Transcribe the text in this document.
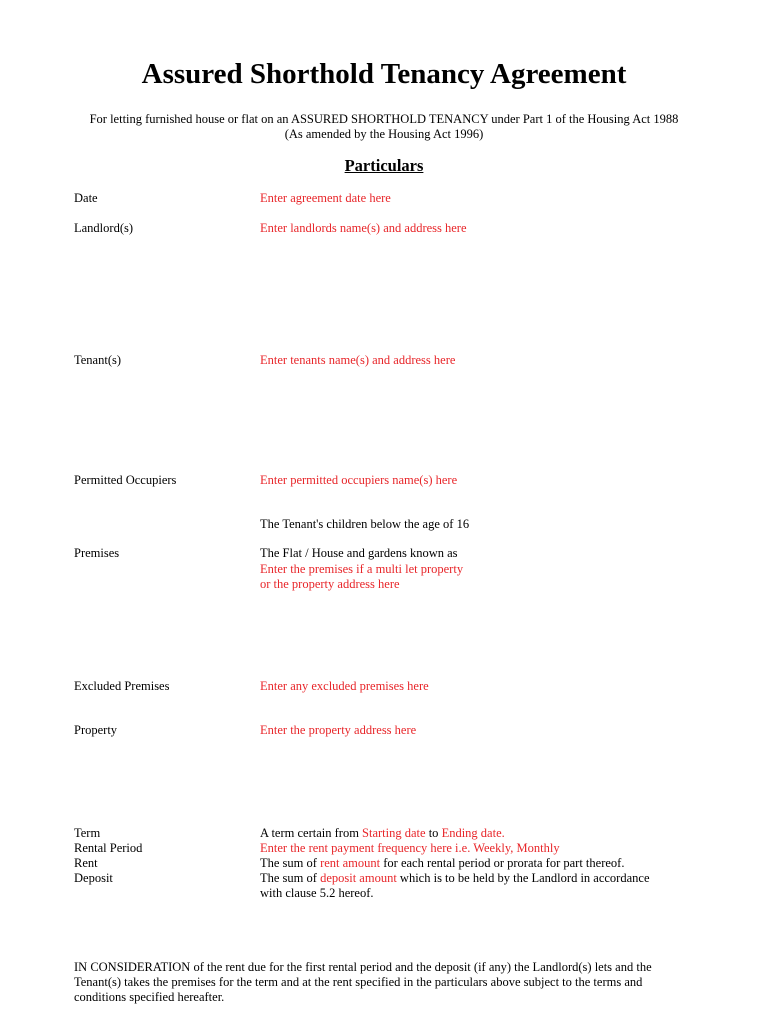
Assured Shorthold Tenancy Agreement
For letting furnished house or flat on an ASSURED SHORTHOLD TENANCY under Part 1 of the Housing Act 1988
(As amended by the Housing Act 1996)
Particulars
Date	Enter agreement date here
Landlord(s)	Enter landlords name(s) and address here
Tenant(s)	Enter tenants name(s) and address here
Permitted Occupiers	Enter permitted occupiers name(s) here
The Tenant's children below the age of 16
Premises	The Flat / House and gardens known as
Enter the premises if a multi let property
or the property address here
Excluded Premises	Enter any excluded premises here
Property	Enter the property address here
Term	A term certain from Starting date to Ending date.
Rental Period	Enter the rent payment frequency here i.e. Weekly, Monthly
Rent	The sum of rent amount for each rental period or prorata for part thereof.
Deposit	The sum of deposit amount which is to be held by the Landlord in accordance
with clause 5.2 hereof.
IN CONSIDERATION of the rent due for the first rental period and the deposit (if any) the Landlord(s) lets and the Tenant(s) takes the premises for the term and at the rent specified in the particulars above subject to the terms and conditions specified hereafter.
